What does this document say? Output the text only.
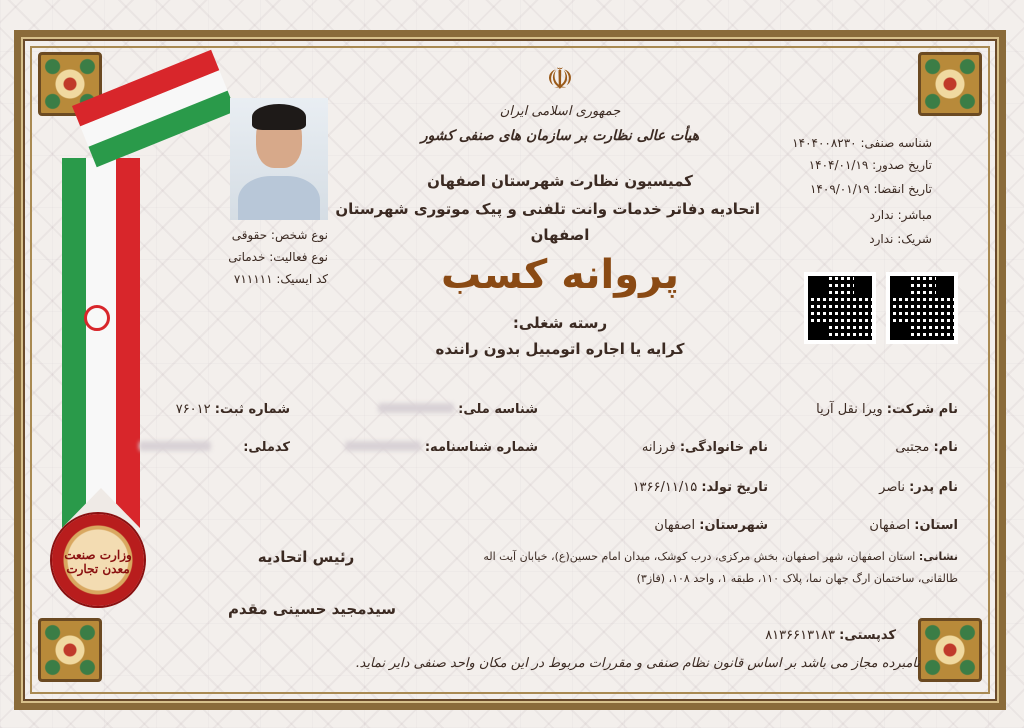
وزارت صنعت معدن تجارت
☫
جمهوری اسلامی ایران
هیأت عالی نظارت بر سازمان های صنفی کشور
کمیسیون نظارت شهرستان اصفهان
اتحادیه دفاتر خدمات وانت تلفنی و پیک موتوری شهرستان
اصفهان
پروانه کسب
رسته شغلی:
کرایه یا اجاره اتومبیل بدون راننده
شناسه صنفی: ۱۴۰۴۰۰۸۲۳۰
تاریخ صدور: ۱۴۰۴/۰۱/۱۹
تاریخ انقضا: ۱۴۰۹/۰۱/۱۹
مباشر: ندارد
شریک: ندارد
نوع شخص: حقوقی
نوع فعالیت: خدماتی
کد ایسیک: ۷۱۱۱۱۱
نام شرکت: ویرا نقل آریا
شناسه ملی:
شماره ثبت: ۷۶۰۱۲
نام: مجتبی
نام خانوادگی: فرزانه
شماره شناسنامه:
کدملی:
نام پدر: ناصر
تاریخ تولد: ۱۳۶۶/۱۱/۱۵
استان: اصفهان
شهرستان: اصفهان
نشانی: استان اصفهان، شهر اصفهان، بخش مرکزی، درب کوشک، میدان امام حسین(ع)، خیابان آیت اله
طالقانی، ساختمان ارگ جهان نما، پلاک ۱۱۰، طبقه ۱، واحد ۱۰۸، (فاز۳)
رئیس اتحادیه
سیدمجید حسینی مقدم
کدپستی: ۸۱۳۶۶۱۳۱۸۳
نامبرده مجاز می باشد بر اساس قانون نظام صنفی و مقررات مربوط در این مکان واحد صنفی دایر نماید.
